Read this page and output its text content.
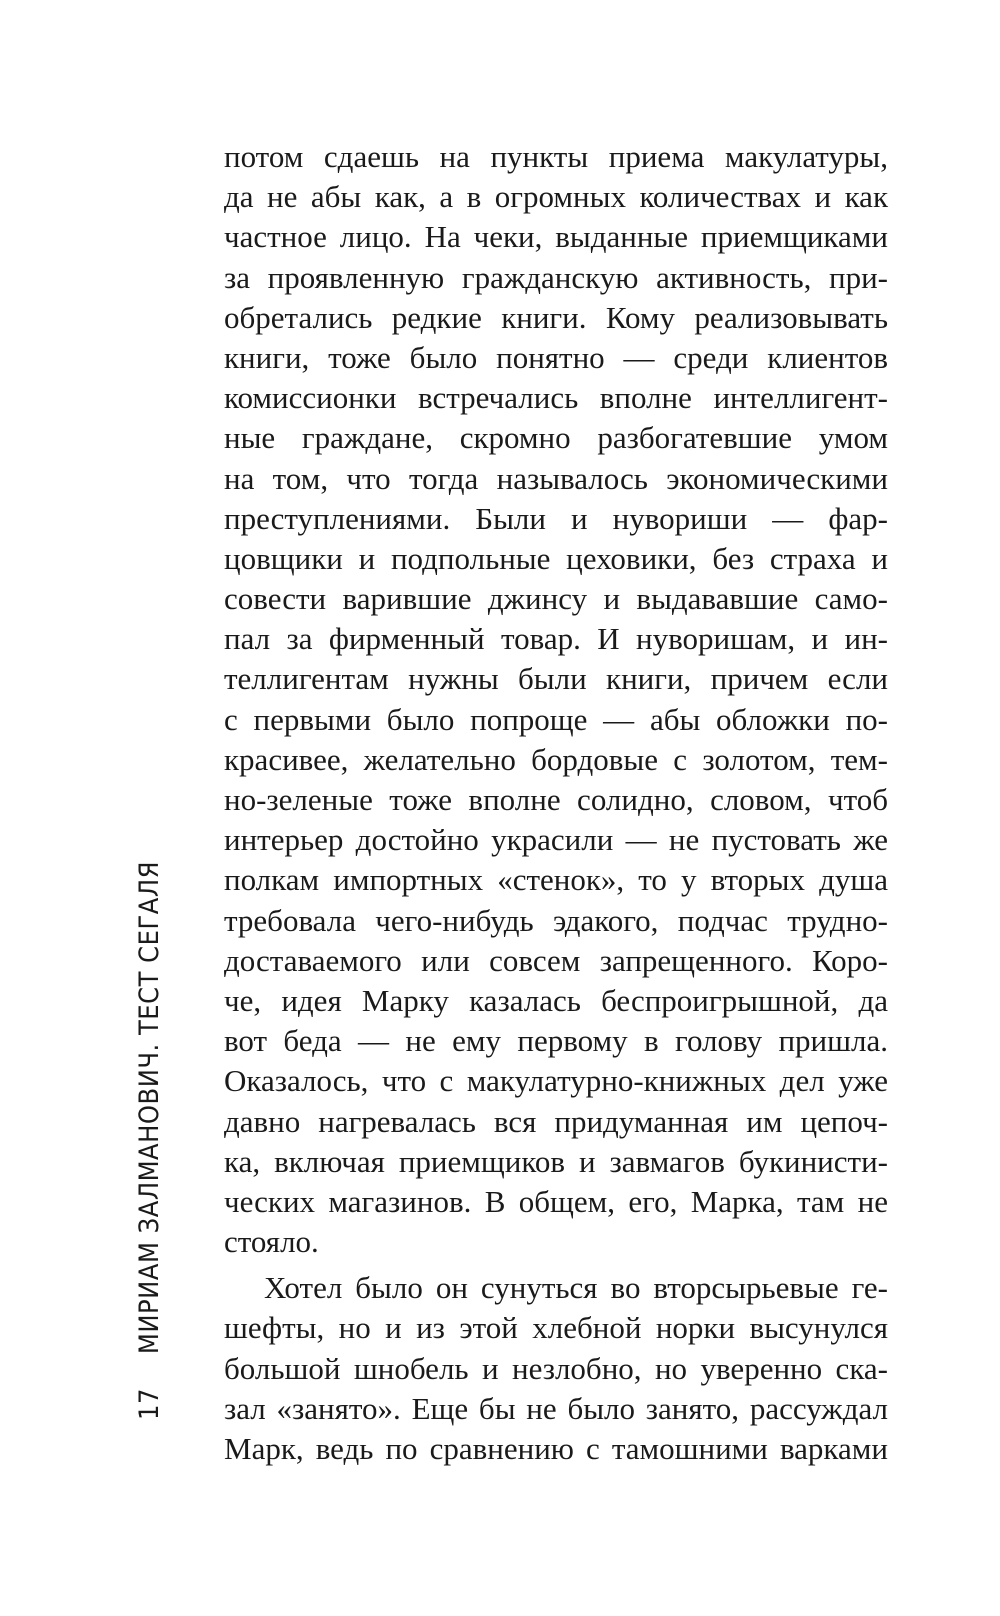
17
МИРИАМ ЗАЛМАНОВИЧ. ТЕСТ СЕГАЛЯ
потом сдаешь на пункты приема макулатуры,
да не абы как, а в огромных количествах и как
частное лицо. На чеки, выданные приемщиками
за проявленную гражданскую активность, при-
обретались редкие книги. Кому реализовывать
книги, тоже было понятно — среди клиентов
комиссионки встречались вполне интеллигент-
ные граждане, скромно разбогатевшие умом
на том, что тогда называлось экономическими
преступлениями. Были и нувориши — фар-
цовщики и подпольные цеховики, без страха и
совести варившие джинсу и выдававшие само-
пал за фирменный товар. И нуворишам, и ин-
теллигентам нужны были книги, причем если
с первыми было попроще — абы обложки по-
красивее, желательно бордовые с золотом, тем-
но-зеленые тоже вполне солидно, словом, чтоб
интерьер достойно украсили — не пустовать же
полкам импортных «стенок», то у вторых душа
требовала чего-нибудь эдакого, подчас трудно-
доставаемого или совсем запрещенного. Коро-
че, идея Марку казалась беспроигрышной, да
вот беда — не ему первому в голову пришла.
Оказалось, что с макулатурно-книжных дел уже
давно нагревалась вся придуманная им цепоч-
ка, включая приемщиков и завмагов букинисти-
ческих магазинов. В общем, его, Марка, там не
стояло.
Хотел было он сунуться во вторсырьевые ге-
шефты, но и из этой хлебной норки высунулся
большой шнобель и незлобно, но уверенно ска-
зал «занято». Еще бы не было занято, рассуждал
Марк, ведь по сравнению с тамошними варками
